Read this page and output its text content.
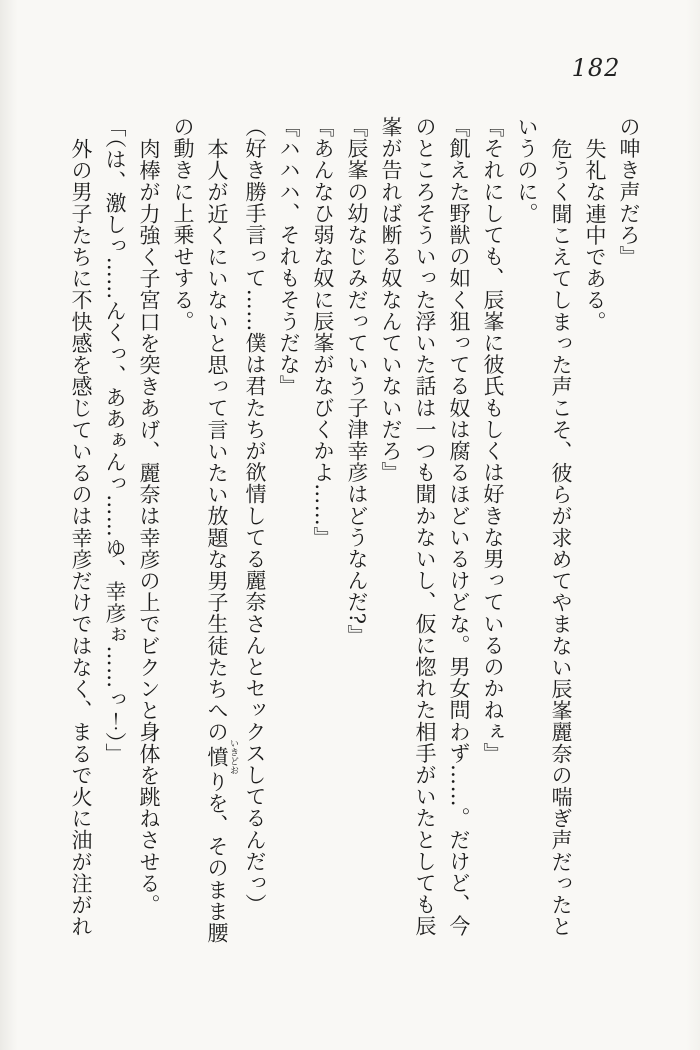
182

の呻き声だろ』

失礼な連中である。

危うく聞こえてしまった声こそ、彼らが求めてやまない辰峯麗奈の喘ぎ声だったと

いうのに。

『それにしても、辰峯に彼氏もしくは好きな男っているのかねぇ』

『飢えた野獣の如く狙ってる奴は腐るほどいるけどな。男女問わず……。だけど、今

のところそういった浮いた話は一つも聞かないし、仮に惚れた相手がいたとしても辰

峯が告れば断る奴なんていないだろ』

『辰峯の幼なじみだっていう子津幸彦はどうなんだ?』

『あんなひ弱な奴に辰峯がなびくかよ……』

『ハハハ、それもそうだな』

（好き勝手言って……僕は君たちが欲情してる麗奈さんとセックスしてるんだっ）

本人が近くにいないと思って言いたい放題な男子生徒たちへの憤 いきどおりを、そのまま腰

の動きに上乗せする。

肉棒が力強く子宮口を突きあげ、麗奈は幸彦の上でビクンと身体を跳ねさせる。

「（は、激しっ……んくっ、ああぁんっ……ゆ、幸彦ぉ……っ！）」

外の男子たちに不快感を感じているのは幸彦だけではなく、まるで火に油が注がれ
